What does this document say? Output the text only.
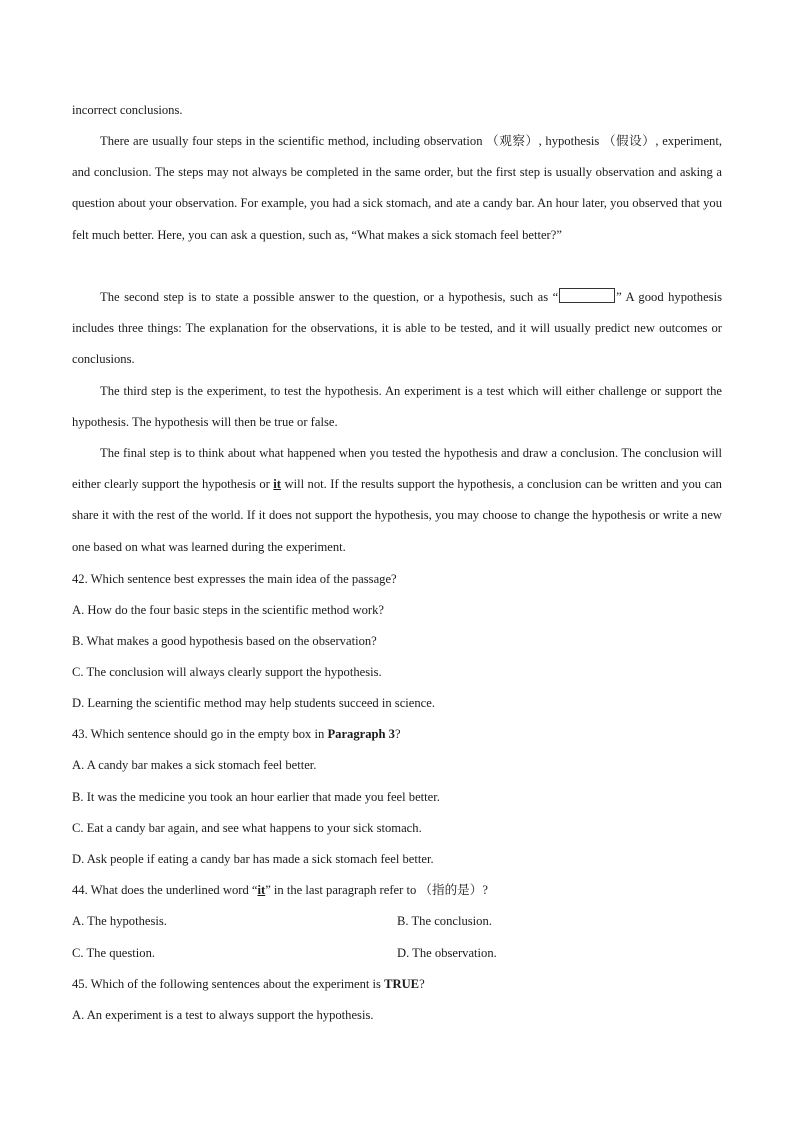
incorrect conclusions.

There are usually four steps in the scientific method, including observation （观察）, hypothesis （假设）, experiment, and conclusion. The steps may not always be completed in the same order, but the first step is usually observation and asking a question about your observation. For example, you had a sick stomach, and ate a candy bar. An hour later, you observed that you felt much better. Here, you can ask a question, such as, “What makes a sick stomach feel better?”

The second step is to state a possible answer to the question, or a hypothesis, such as “	” A good hypothesis includes three things: The explanation for the observations, it is able to be tested, and it will usually predict new outcomes or conclusions.

The third step is the experiment, to test the hypothesis. An experiment is a test which will either challenge or support the hypothesis. The hypothesis will then be true or false.

The final step is to think about what happened when you tested the hypothesis and draw a conclusion. The conclusion will either clearly support the hypothesis or it will not. If the results support the hypothesis, a conclusion can be written and you can share it with the rest of the world. If it does not support the hypothesis, you may choose to change the hypothesis or write a new one based on what was learned during the experiment.

42. Which sentence best expresses the main idea of the passage?

A. How do the four basic steps in the scientific method work?

B. What makes a good hypothesis based on the observation?

C. The conclusion will always clearly support the hypothesis.

D. Learning the scientific method may help students succeed in science.

43. Which sentence should go in the empty box in Paragraph 3?

A. A candy bar makes a sick stomach feel better.

B. It was the medicine you took an hour earlier that made you feel better.

C. Eat a candy bar again, and see what happens to your sick stomach.

D. Ask people if eating a candy bar has made a sick stomach feel better.

44. What does the underlined word “it” in the last paragraph refer to （指的是）?

A. The hypothesis.	B. The conclusion.

C. The question.	D. The observation.

45. Which of the following sentences about the experiment is TRUE?

A. An experiment is a test to always support the hypothesis.
